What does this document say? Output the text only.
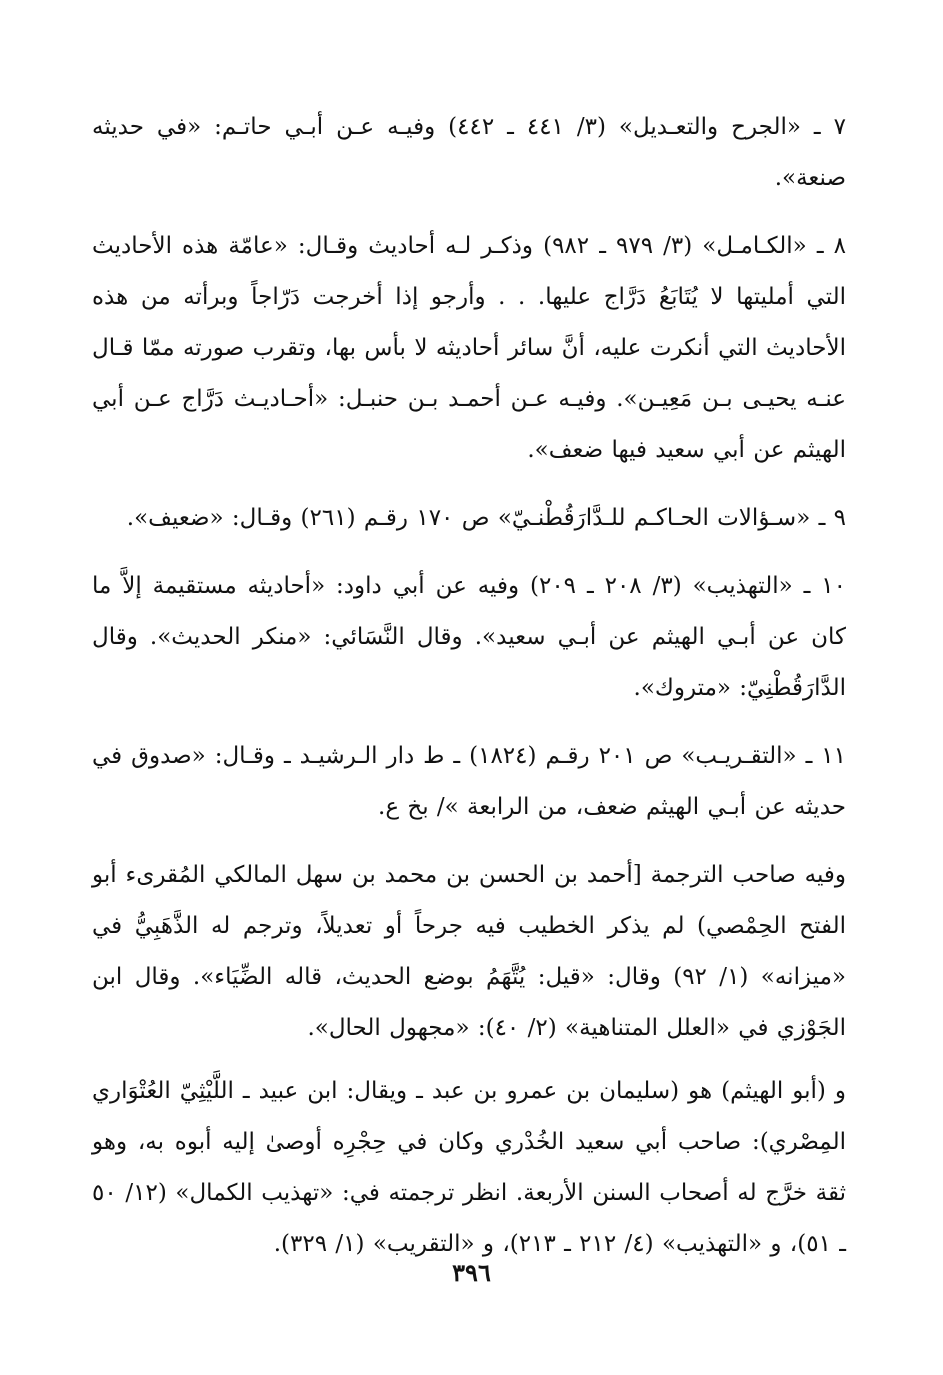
٧ ـ «الجرح والتعـديل» (٣/ ٤٤١ ـ ٤٤٢) وفيـه عـن أبـي حاتـم: «في حديثه صنعة».

٨ ـ «الكـامـل» (٣/ ٩٧٩ ـ ٩٨٢) وذكـر لـه أحاديث وقـال: «عامّة هذه الأحاديث التي أمليتها لا يُتَابَعُ دَرَّاج عليها. . . وأرجو إذا أخرجت دَرّاجاً وبرأته من هذه الأحاديث التي أنكرت عليه، أنَّ سائر أحاديثه لا بأس بها، وتقرب صورته ممّا قـال عنـه يحيـى بـن مَعِيـن». وفيـه عـن أحمـد بـن حنبـل: «أحـاديـث دَرَّاج عـن أبي الهيثم عن أبي سعيد فيها ضعف».

٩ ـ «سـؤالات الحـاكـم للـدَّارَقُطْنـيّ» ص ١٧٠ رقـم (٢٦١) وقـال: «ضعيف».

١٠ ـ «التهذيب» (٣/ ٢٠٨ ـ ٢٠٩) وفيه عن أبي داود: «أحاديثه مستقيمة إلاَّ ما كان عن أبـي الهيثم عن أبـي سعيد». وقال النَّسَائي: «منكر الحديث». وقال الدَّارَقُطْنِيّ: «متروك».

١١ ـ «التقـريـب» ص ٢٠١ رقـم (١٨٢٤) ـ ط دار الـرشيـد ـ وقـال: «صدوق في حديثه عن أبـي الهيثم ضعف، من الرابعة »/ بخ ع.

وفيه صاحب الترجمة [أحمد بن الحسن بن محمد بن سهل المالكي المُقرىء أبو الفتح الحِمْصي) لم يذكر الخطيب فيه جرحاً أو تعديلاً، وترجم له الذَّهَبِيُّ في «ميزانه» (١/ ٩٢) وقال: «قيل: يُتَّهَمُ بوضع الحديث، قاله الضِّيَاء». وقال ابن الجَوْزي في «العلل المتناهية» (٢/ ٤٠): «مجهول الحال».

و (أبو الهيثم) هو (سليمان بن عمرو بن عبد ـ ويقال: ابن عبيد ـ اللَّيْثِيّ العُتْوَاري المِصْري): صاحب أبي سعيد الخُدْري وكان في حِجْرِه أوصىٰ إليه أبوه به، وهو ثقة خرَّج له أصحاب السنن الأربعة. انظر ترجمته في: «تهذيب الكمال» (١٢/ ٥٠ ـ ٥١)، و «التهذيب» (٤/ ٢١٢ ـ ٢١٣)، و «التقريب» (١/ ٣٢٩).

٣٩٦
